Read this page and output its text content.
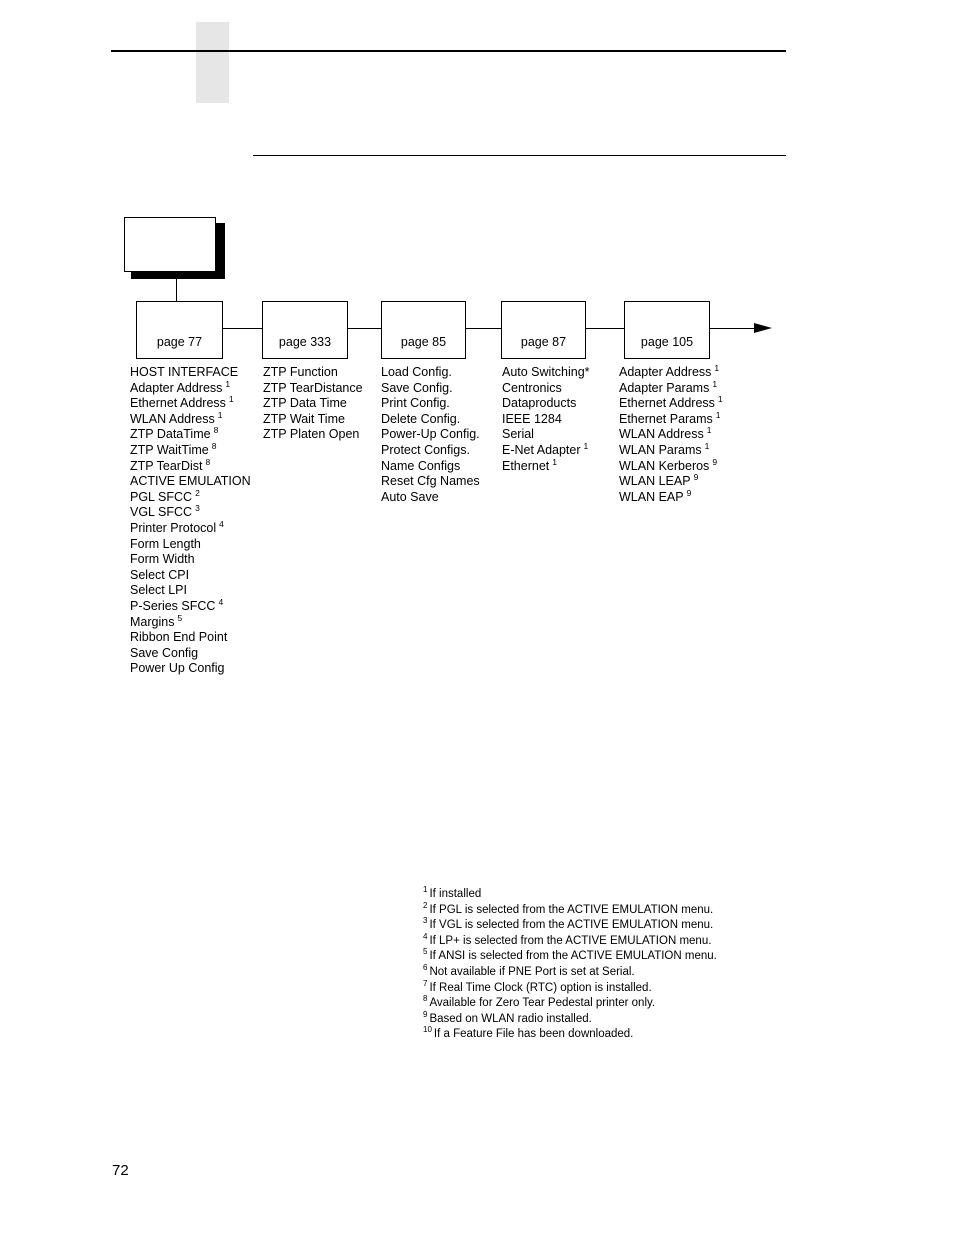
page 77	page 333	page 85	page 87	page 105
HOST INTERFACE
Adapter Address $^1$
Ethernet Address $^1$
WLAN Address $^1$
ZTP DataTime $^8$
ZTP WaitTime $^8$
ZTP TearDist $^8$
ACTIVE EMULATION
PGL SFCC $^2$
VGL SFCC $^3$
Printer Protocol $^4$
Form Length
Form Width
Select CPI
Select LPI
P-Series SFCC $^4$
Margins $^5$
Ribbon End Point
Save Config
Power Up Config
ZTP Function
ZTP TearDistance
ZTP Data Time
ZTP Wait Time
ZTP Platen Open
Load Config.
Save Config.
Print Config.
Delete Config.
Power-Up Config.
Protect Configs.
Name Configs
Reset Cfg Names
Auto Save
Auto Switching*
Centronics
Dataproducts
IEEE 1284
Serial
E-Net Adapter $^1$
Ethernet $^1$
Adapter Address $^1$
Adapter Params $^1$
Ethernet Address $^1$
Ethernet Params $^1$
WLAN Address $^1$
WLAN Params $^1$
WLAN Kerberos $^9$
WLAN LEAP $^9$
WLAN EAP $^9$
$^1$ If installed
$^2$ If PGL is selected from the ACTIVE EMULATION menu.
$^3$ If VGL is selected from the ACTIVE EMULATION menu.
$^4$ If LP+ is selected from the ACTIVE EMULATION menu.
$^5$ If ANSI is selected from the ACTIVE EMULATION menu.
$^6$ Not available if PNE Port is set at Serial.
$^7$ If Real Time Clock (RTC) option is installed.
$^8$ Available for Zero Tear Pedestal printer only.
$^9$ Based on WLAN radio installed.
$^{10}$ If a Feature File has been downloaded.
72
